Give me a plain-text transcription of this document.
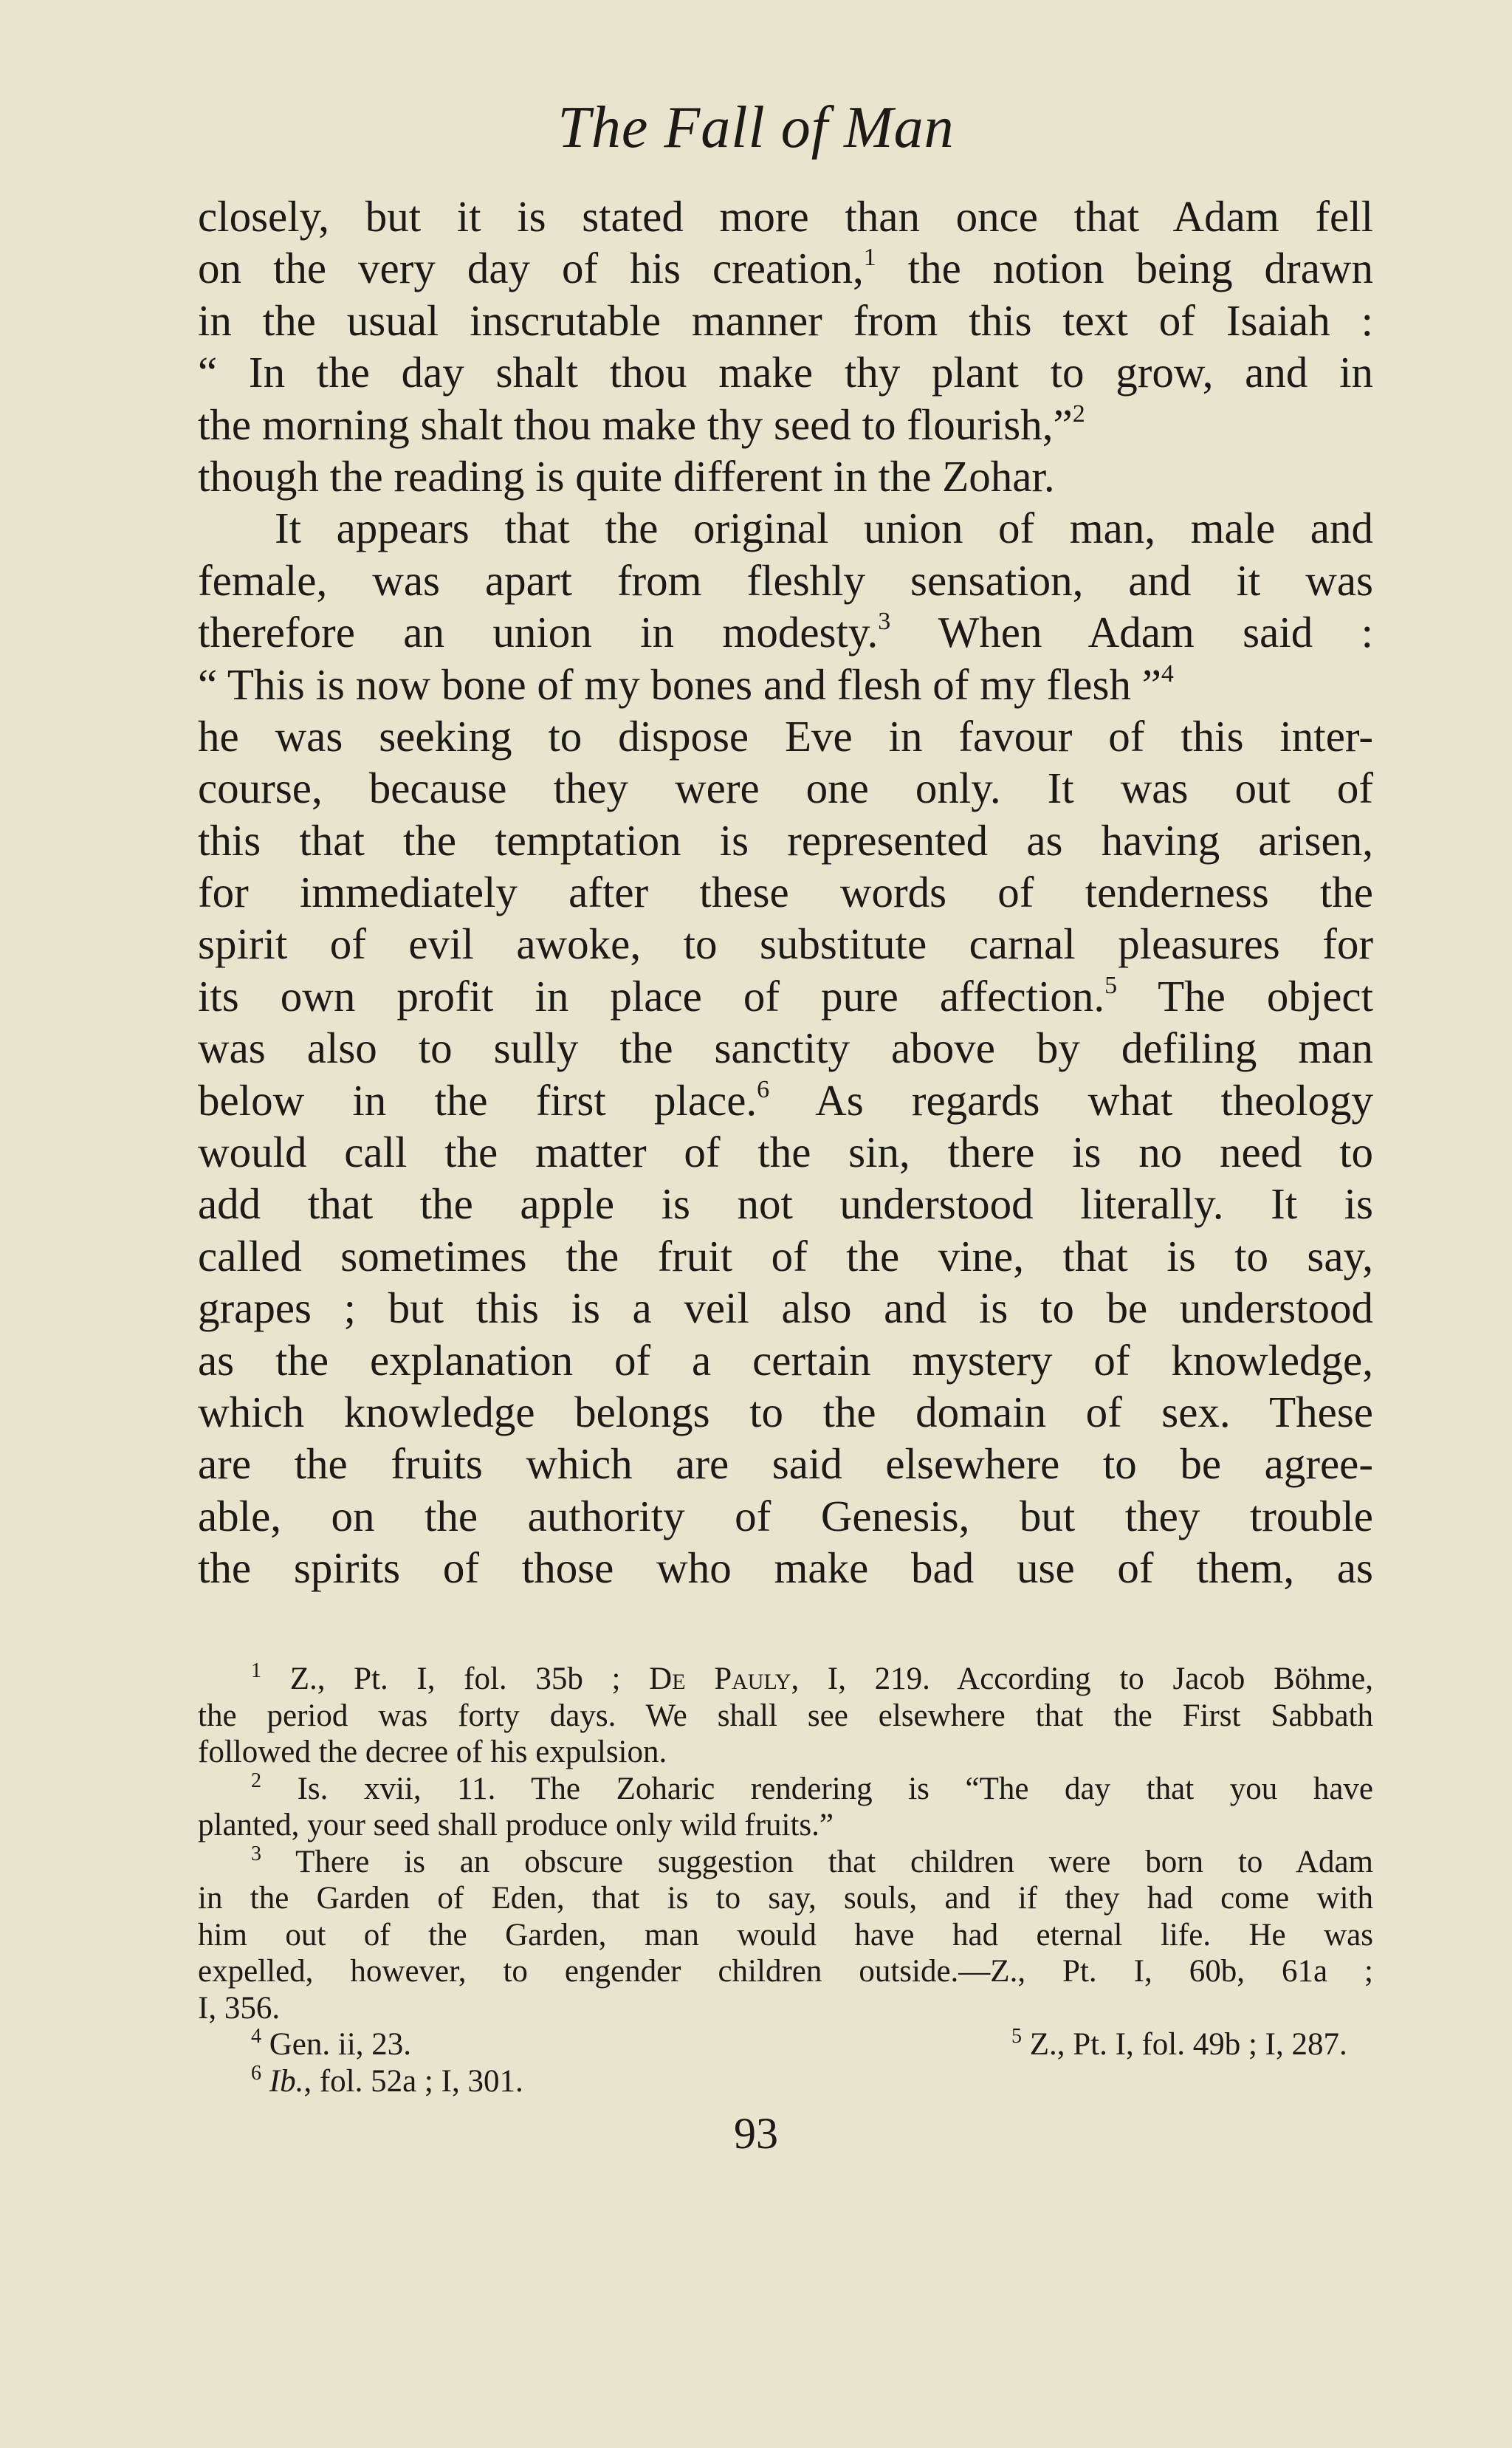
The Fall of Man
closely, but it is stated more than once that Adam fell
on the very day of his creation,$^1$ the notion being drawn
in the usual inscrutable manner from this text of Isaiah :
“ In the day shalt thou make thy plant to grow, and in
the morning shalt thou make thy seed to flourish,”$^2$
though the reading is quite different in the Zohar.
It appears that the original union of man, male and
female, was apart from fleshly sensation, and it was
therefore an union in modesty.$^3$ When Adam said :
“ This is now bone of my bones and flesh of my flesh ”$^4$
he was seeking to dispose Eve in favour of this inter-
course, because they were one only. It was out of
this that the temptation is represented as having arisen,
for immediately after these words of tenderness the
spirit of evil awoke, to substitute carnal pleasures for
its own profit in place of pure affection.$^5$ The object
was also to sully the sanctity above by defiling man
below in the first place.$^6$ As regards what theology
would call the matter of the sin, there is no need to
add that the apple is not understood literally. It is
called sometimes the fruit of the vine, that is to say,
grapes ; but this is a veil also and is to be understood
as the explanation of a certain mystery of knowledge,
which knowledge belongs to the domain of sex. These
are the fruits which are said elsewhere to be agree-
able, on the authority of Genesis, but they trouble
the spirits of those who make bad use of them, as
$^1$ Z., Pt. I, fol. 35b ; De Pauly, I, 219. According to Jacob Böhme,
the period was forty days. We shall see elsewhere that the First Sabbath
followed the decree of his expulsion.
$^2$ Is. xvii, 11. The Zoharic rendering is “The day that you have
planted, your seed shall produce only wild fruits.”
$^3$ There is an obscure suggestion that children were born to Adam
in the Garden of Eden, that is to say, souls, and if they had come with
him out of the Garden, man would have had eternal life. He was
expelled, however, to engender children outside.—Z., Pt. I, 60b, 61a ;
I, 356.
$^4$ Gen. ii, 23.	$^5$ Z., Pt. I, fol. 49b ; I, 287.
$^6$ Ib., fol. 52a ; I, 301.
93
